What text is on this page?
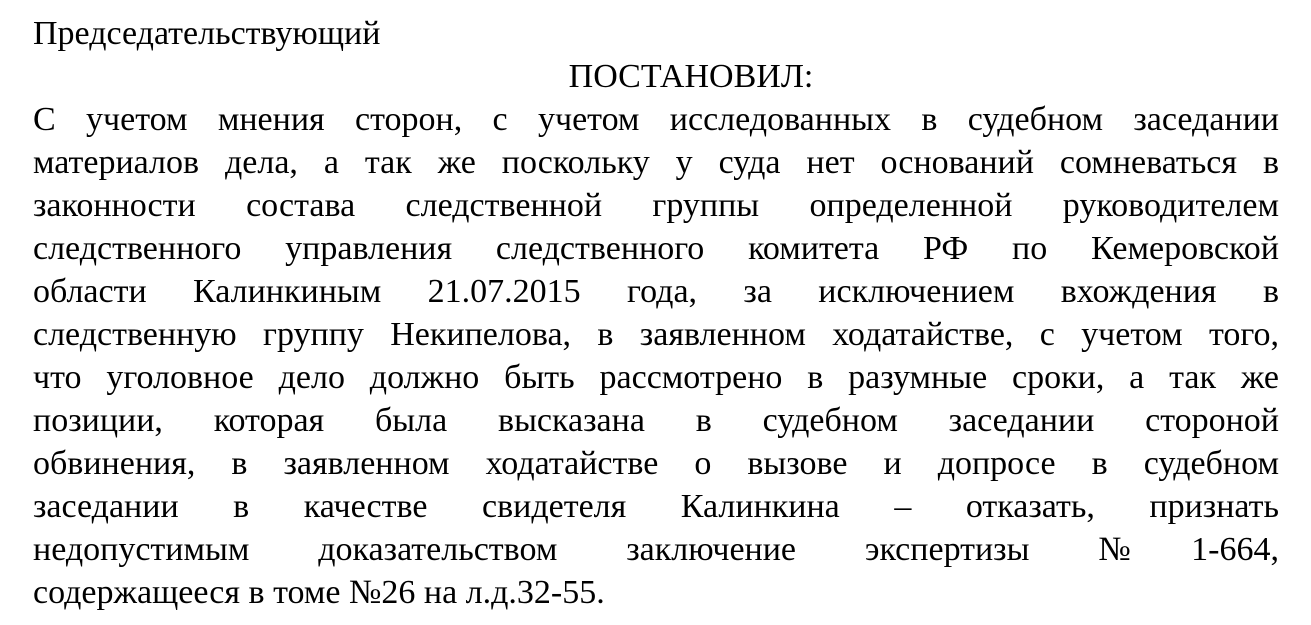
Председательствующий

ПОСТАНОВИЛ:

С учетом мнения сторон, с учетом исследованных в судебном заседании
материалов дела, а так же поскольку у суда нет оснований сомневаться в
законности состава следственной группы определенной руководителем
следственного управления следственного комитета РФ по Кемеровской
области Калинкиным 21.07.2015 года, за исключением вхождения в
следственную группу Некипелова, в заявленном ходатайстве, с учетом того,
что уголовное дело должно быть рассмотрено в разумные сроки, а так же
позиции, которая была высказана в судебном заседании стороной
обвинения, в заявленном ходатайстве о вызове и допросе в судебном
заседании в качестве свидетеля Калинкина – отказать, признать
недопустимым доказательством заключение экспертизы №1-664,
содержащееся в томе №26 на л.д.32-55.
